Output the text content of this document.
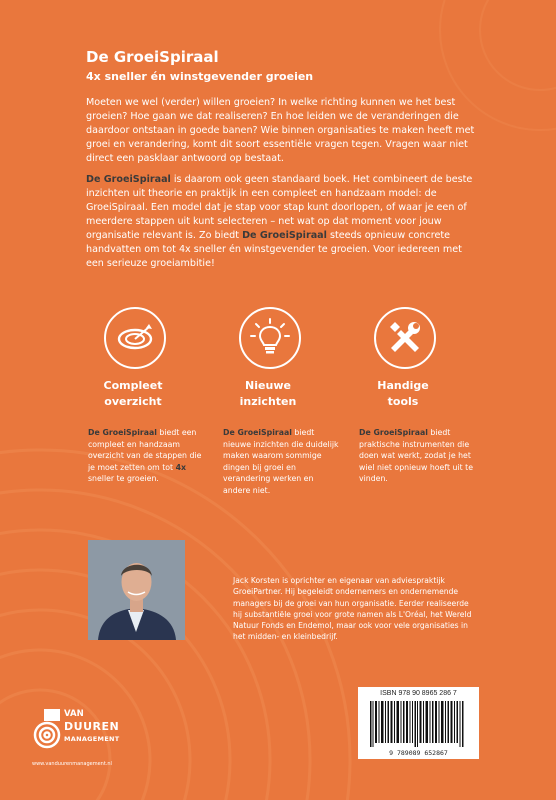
De GroeiSpiraal
4x sneller én winstgevender groeien

Moeten we wel (verder) willen groeien? In welke richting kunnen we het best groeien? Hoe gaan we dat realiseren? En hoe leiden we de veranderingen die daardoor ontstaan in goede banen? Wie binnen organisaties te maken heeft met groei en verandering, komt dit soort essentiële vragen tegen. Vragen waar niet direct een pasklaar antwoord op bestaat.

De GroeiSpiraal is daarom ook geen standaard boek. Het combineert de beste inzichten uit theorie en praktijk in een compleet en handzaam model: de GroeiSpiraal. Een model dat je stap voor stap kunt doorlopen, of waar je een of meerdere stappen uit kunt selecteren – net wat op dat moment voor jouw organisatie relevant is. Zo biedt De GroeiSpiraal steeds opnieuw concrete handvatten om tot 4x sneller én winstgevender te groeien. Voor iedereen met een serieuze groeiambitie!

Compleet
overzicht

De GroeiSpiraal biedt een compleet en handzaam overzicht van de stappen die je moet zetten om tot 4x sneller te groeien.

Nieuwe
inzichten

De GroeiSpiraal biedt nieuwe inzichten die duidelijk maken waarom sommige dingen bij groei en verandering werken en andere niet.

Handige
tools

De GroeiSpiraal biedt praktische instrumenten die doen wat werkt, zodat je het wiel niet opnieuw hoeft uit te vinden.

Jack Korsten is oprichter en eigenaar van adviespraktijk GroeiPartner. Hij begeleidt ondernemers en ondernemende managers bij de groei van hun organisatie. Eerder realiseerde hij substantiële groei voor grote namen als L'Oréal, het Wereld Natuur Fonds en Endemol, maar ook voor vele organisaties in het midden- en kleinbedrijf.

ISBN 978 90 8965 286 7
9 789089 652867
VAN
DUUREN
MANAGEMENT
www.vanduurenmanagement.nl
